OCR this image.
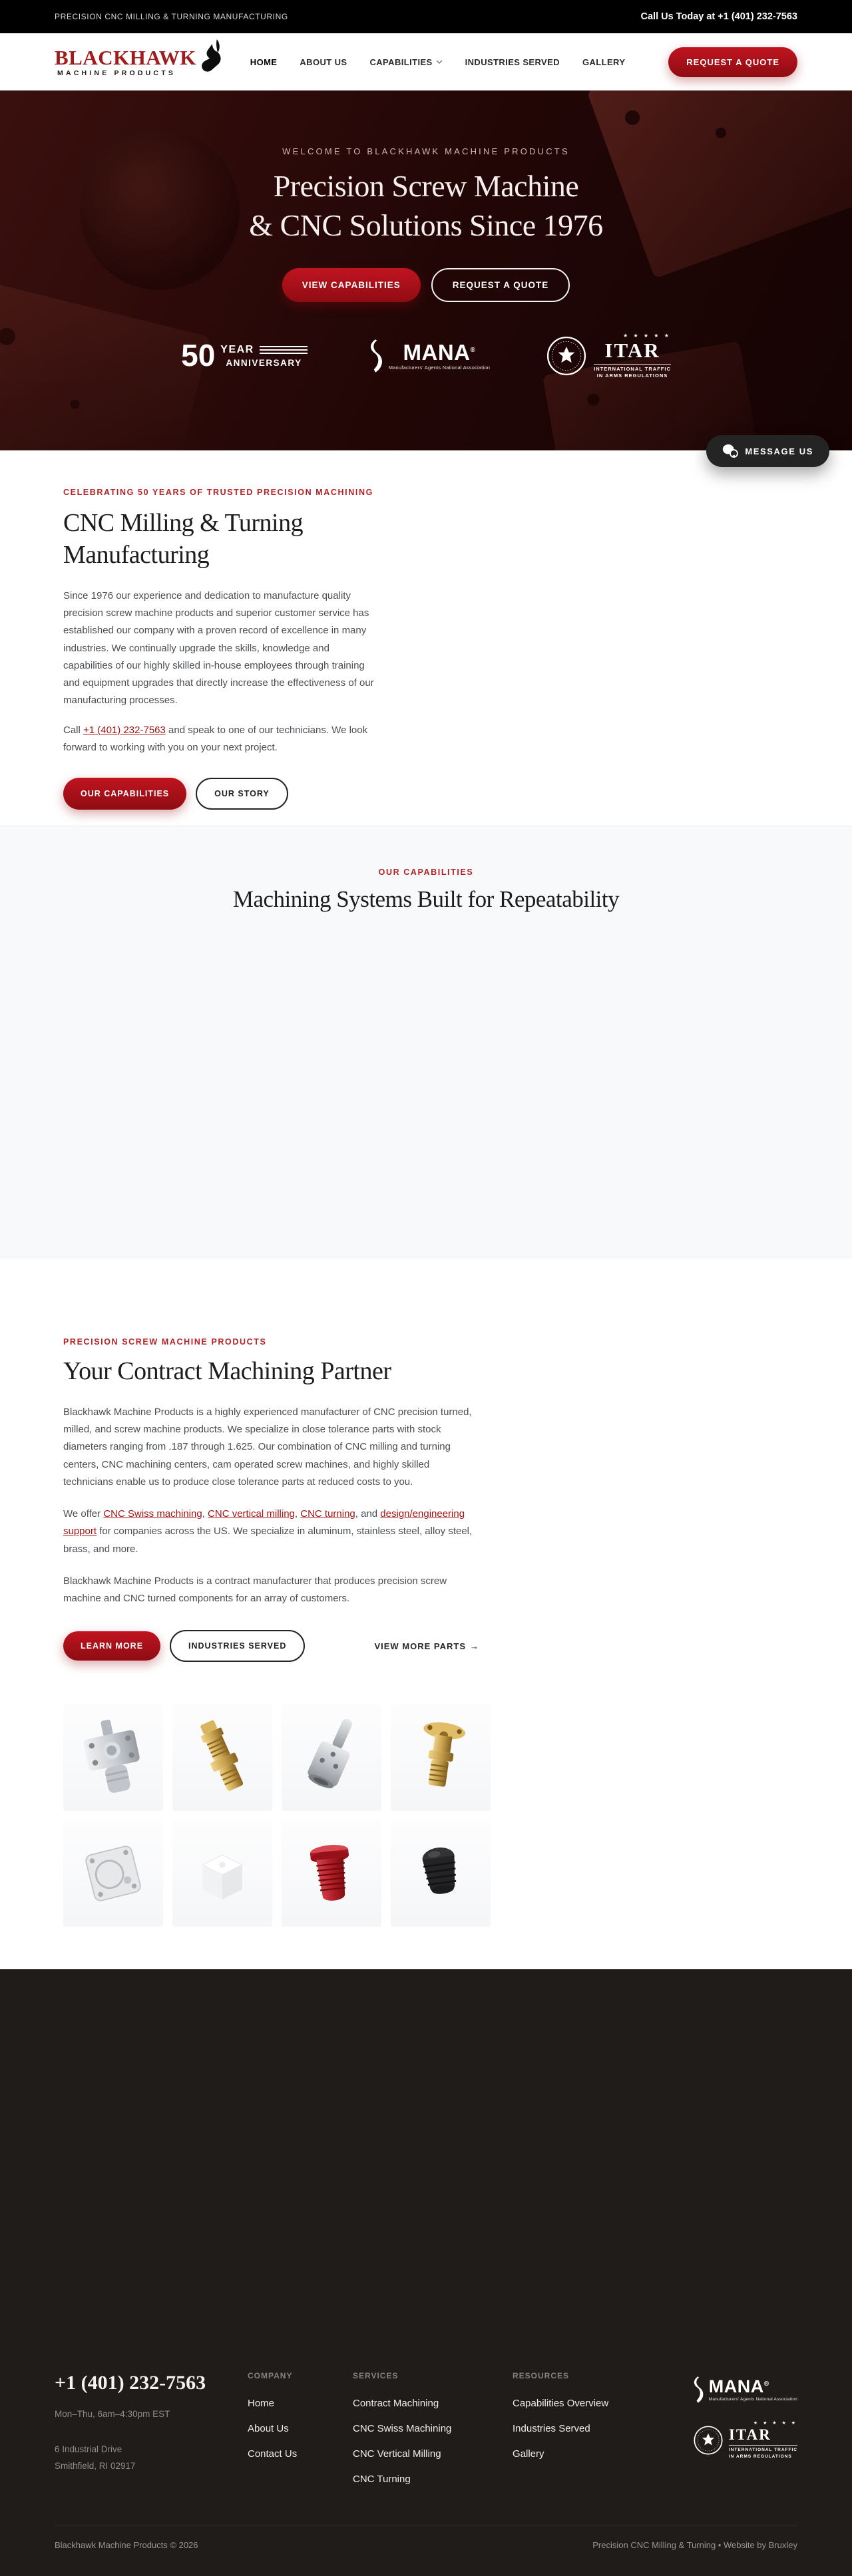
PRECISION CNC MILLING & TURNING MANUFACTURING	Call Us Today at +1 (401) 232-7563
BLACKHAWK
MACHINE PRODUCTS
HOME	ABOUT US	CAPABILITIES	INDUSTRIES SERVED	GALLERY	REQUEST A QUOTE
WELCOME TO BLACKHAWK MACHINE PRODUCTS
Precision Screw Machine
& CNC Solutions Since 1976
VIEW CAPABILITIES	REQUEST A QUOTE
50 YEAR
ANNIVERSARY	MANA®
Manufacturers' Agents National Association
★ ★ ★ ★ ★
ITAR
INTERNATIONAL TRAFFIC
IN ARMS REGULATIONS
MESSAGE US
CELEBRATING 50 YEARS OF TRUSTED PRECISION MACHINING
CNC Milling & Turning Manufacturing

Since 1976 our experience and dedication to manufacture quality precision screw machine products and superior customer service has established our company with a proven record of excellence in many industries. We continually upgrade the skills, knowledge and capabilities of our highly skilled in-house employees through training and equipment upgrades that directly increase the effectiveness of our manufacturing processes.

Call +1 (401) 232-7563 and speak to one of our technicians. We look forward to working with you on your next project.

OUR CAPABILITIES	OUR STORY
OUR CAPABILITIES
Machining Systems Built for Repeatability
PRECISION SCREW MACHINE PRODUCTS
Your Contract Machining Partner

Blackhawk Machine Products is a highly experienced manufacturer of CNC precision turned, milled, and screw machine products. We specialize in close tolerance parts with stock diameters ranging from .187 through 1.625. Our combination of CNC milling and turning centers, CNC machining centers, cam operated screw machines, and highly skilled technicians enable us to produce close tolerance parts at reduced costs to you.

We offer CNC Swiss machining, CNC vertical milling, CNC turning, and design/engineering support for companies across the US. We specialize in aluminum, stainless steel, alloy steel, brass, and more.

Blackhawk Machine Products is a contract manufacturer that produces precision screw machine and CNC turned components for an array of customers.

LEARN MORE	INDUSTRIES SERVED	VIEW MORE PARTS →
+1 (401) 232-7563
Mon–Thu, 6am–4:30pm EST
6 Industrial Drive
Smithfield, RI 02917
COMPANY
Home
About Us
Contact Us
SERVICES
Contract Machining
CNC Swiss Machining
CNC Vertical Milling
CNC Turning
RESOURCES
Capabilities Overview
Industries Served
Gallery
MANA®
Manufacturers' Agents National Association
★ ★ ★ ★ ★
ITAR
INTERNATIONAL TRAFFIC
IN ARMS REGULATIONS
Blackhawk Machine Products © 2026	Precision CNC Milling & Turning • Website by Bruxley
